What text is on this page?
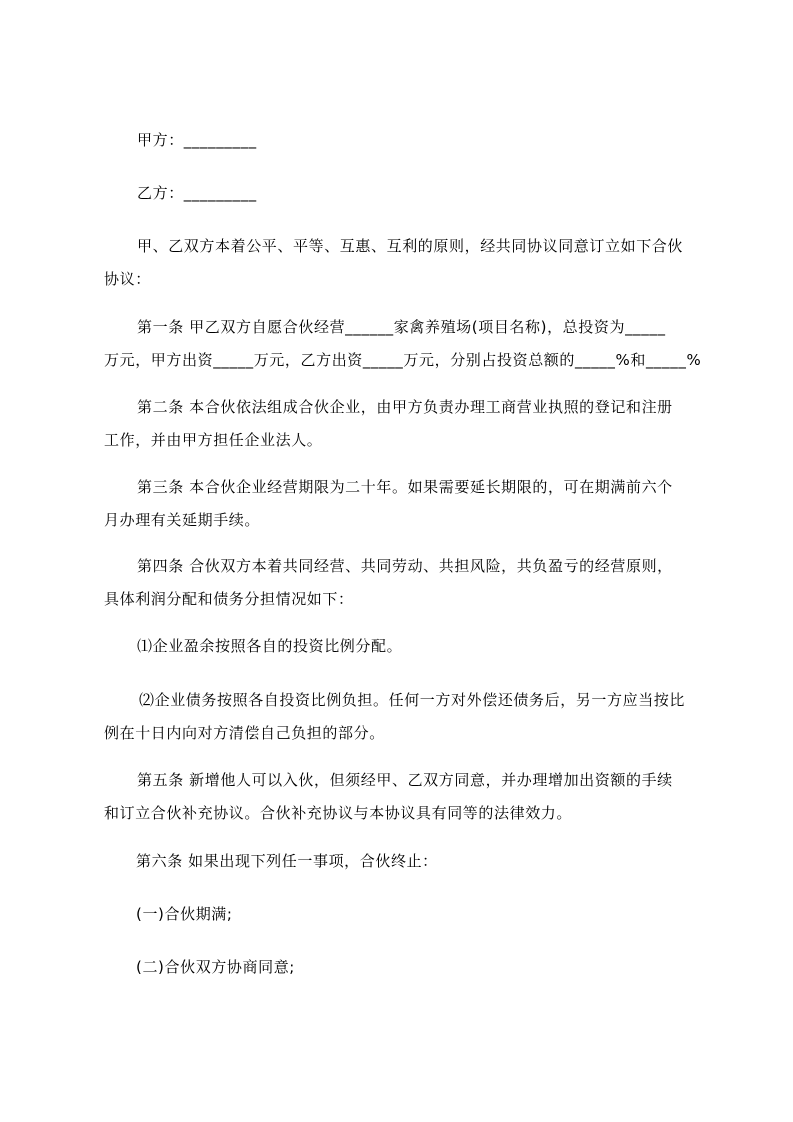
甲方：_________
乙方：_________
甲、乙双方本着公平、平等、互惠、互利的原则，经共同协议同意订立如下合伙
协议：
第一条 甲乙双方自愿合伙经营______家禽养殖场(项目名称)，总投资为_____
万元，甲方出资_____万元，乙方出资_____万元，分别占投资总额的_____%和_____%
第二条 本合伙依法组成合伙企业，由甲方负责办理工商营业执照的登记和注册
工作，并由甲方担任企业法人。
第三条 本合伙企业经营期限为二十年。如果需要延长期限的，可在期满前六个
月办理有关延期手续。
第四条 合伙双方本着共同经营、共同劳动、共担风险，共负盈亏的经营原则，
具体利润分配和债务分担情况如下：
⑴企业盈余按照各自的投资比例分配。
⑵企业债务按照各自投资比例负担。任何一方对外偿还债务后，另一方应当按比
例在十日内向对方清偿自己负担的部分。
第五条 新增他人可以入伙，但须经甲、乙双方同意，并办理增加出资额的手续
和订立合伙补充协议。合伙补充协议与本协议具有同等的法律效力。
第六条 如果出现下列任一事项，合伙终止：
(一)合伙期满;
(二)合伙双方协商同意;
